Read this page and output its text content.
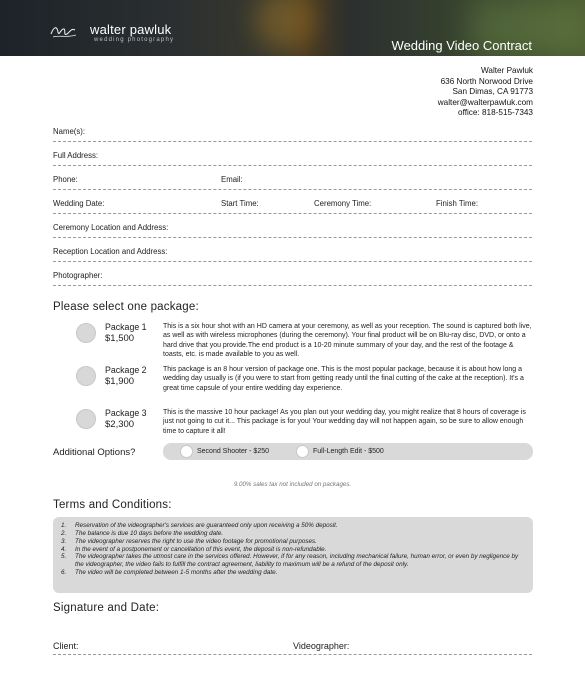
walter pawluk
wedding photography	Wedding Video Contract
Walter Pawluk
636 North Norwood Drive
San Dimas, CA 91773
walter@walterpawluk.com
office: 818-515-7343
Name(s):
Full Address:
Phone:	Email:
Wedding Date:	Start Time:	Ceremony Time:	Finish Time:
Ceremony Location and Address:
Reception Location and Address:
Photographer:
Please select one package:
Package 1
$1,500
This is a six hour shot with an HD camera at your ceremony, as well as your reception. The sound is captured both live, as well as with wireless microphones (during the ceremony). Your final product will be on Blu-ray disc, DVD, or onto a hard drive that you provide.The end product is a 10-20 minute summary of your day, and the rest of the footage & toasts, etc. is made available to you as well.
Package 2
$1,900
This package is an 8 hour version of package one. This is the most popular package, because it is about how long a wedding day usually is (if you were to start from getting ready until the final cutting of the cake at the reception). It's a great time capsule of your entire wedding day experience.
Package 3
$2,300
This is the massive 10 hour package! As you plan out your wedding day, you might realize that 8 hours of coverage is just not going to cut it... This package is for you! Your wedding day will not happen again, so be sure to allow enough time to capture it all!
Additional Options?	Second Shooter - $250	Full-Length Edit - $500
9.00% sales tax not included on packages.
Terms and Conditions:
1. Reservation of the videographer's services are guaranteed only upon receiving a 50% deposit.
2. The balance is due 10 days before the wedding date.
3. The videographer reserves the right to use the video footage for promotional purposes.
4. In the event of a postponement or cancellation of this event, the deposit is non-refundable.
5. The videographer takes the utmost care in the services offered. However, if for any reason, including mechanical failure, human error, or even by negligence by the videographer, the video fails to fulfill the contract agreement, liability to maximum will be a refund of the deposit only.
6. The video will be completed between 1-5 months after the wedding date.
Signature and Date:
Client:	Videographer:
